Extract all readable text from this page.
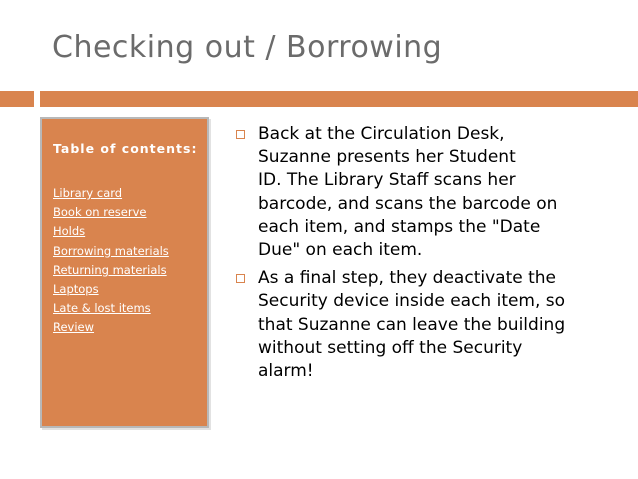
Checking out / Borrowing
Table of contents:
Library card
Book on reserve
Holds
Borrowing materials
Returning materials
Laptops
Late & lost items
Review
Back at the Circulation Desk,
Suzanne presents her Student
ID. The Library Staff scans her
barcode, and scans the barcode on
each item, and stamps the "Date
Due" on each item.
As a final step, they deactivate the
Security device inside each item, so
that Suzanne can leave the building
without setting off the Security
alarm!
